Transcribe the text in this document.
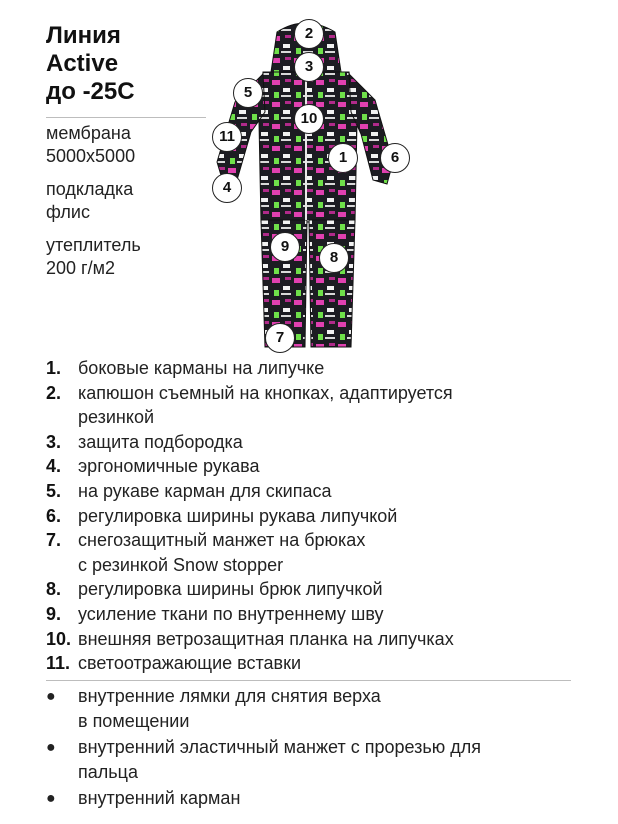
Линия
Active
до -25С
мембрана
5000х5000
подкладка
флис
утеплитель
200 г/м2
1
2
3
4
5
6
7
8
9
10
11
1. боковые карманы на липучке
2. капюшон съемный на кнопках, адаптируется
резинкой
3. защита подбородка
4. эргономичные рукава
5. на рукаве карман для скипаса
6. регулировка ширины рукава липучкой
7. снегозащитный манжет на брюках
с резинкой Snow stopper
8. регулировка ширины брюк липучкой
9. усиление ткани по внутреннему шву
10. внешняя ветрозащитная планка на липучках
11. светоотражающие вставки
●	внутренние лямки для снятия верха
в помещении
●	внутренний эластичный манжет с прорезью для
пальца
●	внутренний карман
